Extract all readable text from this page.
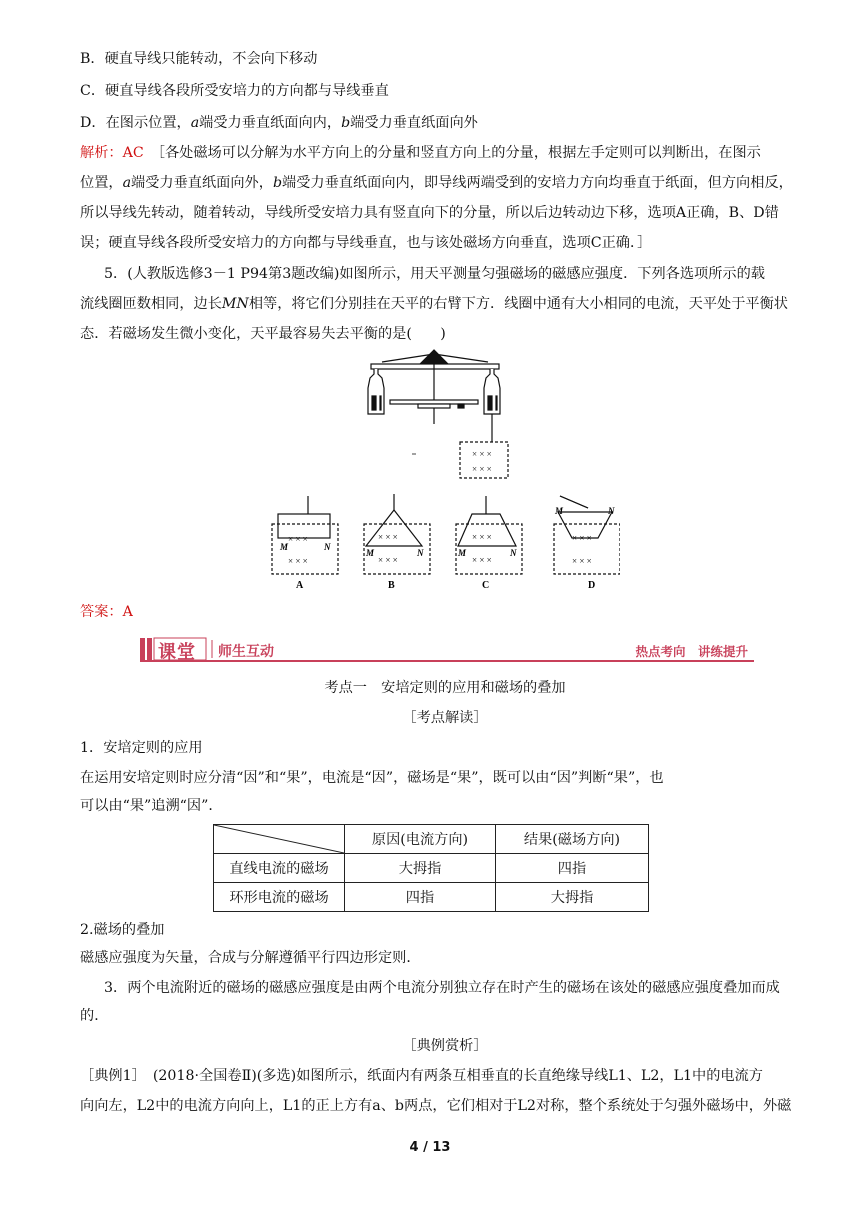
B．硬直导线只能转动，不会向下移动
C．硬直导线各段所受安培力的方向都与导线垂直
D．在图示位置，a端受力垂直纸面向内，b端受力垂直纸面向外
解析：AC　 ［各处磁场可以分解为水平方向上的分量和竖直方向上的分量，根据左手定则可以判断出，在图示
位置，a端受力垂直纸面向外，b端受力垂直纸面向内，即导线两端受到的安培力方向均垂直于纸面，但方向相反，
所以导线先转动，随着转动，导线所受安培力具有竖直向下的分量，所以后边转动边下移，选项A正确，B、D错
误；硬直导线各段所受安培力的方向都与导线垂直，也与该处磁场方向垂直，选项C正确．］
5．(人教版选修3－1 P94第3题改编)如图所示，用天平测量匀强磁场的磁感应强度．下列各选项所示的载
流线圈匝数相同，边长MN相等，将它们分别挂在天平的右臂下方．线圈中通有大小相同的电流，天平处于平衡状
态．若磁场发生微小变化，天平最容易失去平衡的是(　　)
× × ×
× × ×
× × ×
× × ×
× × ×
× × ×
× × ×
× × ×
× × ×
× × ×
M	N
M	N	M	N
M	N
A	B	C	D
答案：A
课堂 师生互动	热点考向　讲练提升
考点一　安培定则的应用和磁场的叠加
［考点解读］
1．安培定则的应用
在运用安培定则时应分清“因”和“果”，电流是“因”，磁场是“果”，既可以由“因”判断“果”，也
可以由“果”追溯“因”．
	原因(电流方向)	结果(磁场方向)
直线电流的磁场	大拇指	四指
环形电流的磁场	四指	大拇指
2.磁场的叠加
磁感应强度为矢量，合成与分解遵循平行四边形定则．
3．两个电流附近的磁场的磁感应强度是由两个电流分别独立存在时产生的磁场在该处的磁感应强度叠加而成
的．
［典例赏析］
［典例1］　(2018·全国卷Ⅱ)(多选)如图所示，纸面内有两条互相垂直的长直绝缘导线L1、L2，L1中的电流方
向向左，L2中的电流方向向上，L1的正上方有a、b两点，它们相对于L2对称，整个系统处于匀强外磁场中，外磁
4 / 13
